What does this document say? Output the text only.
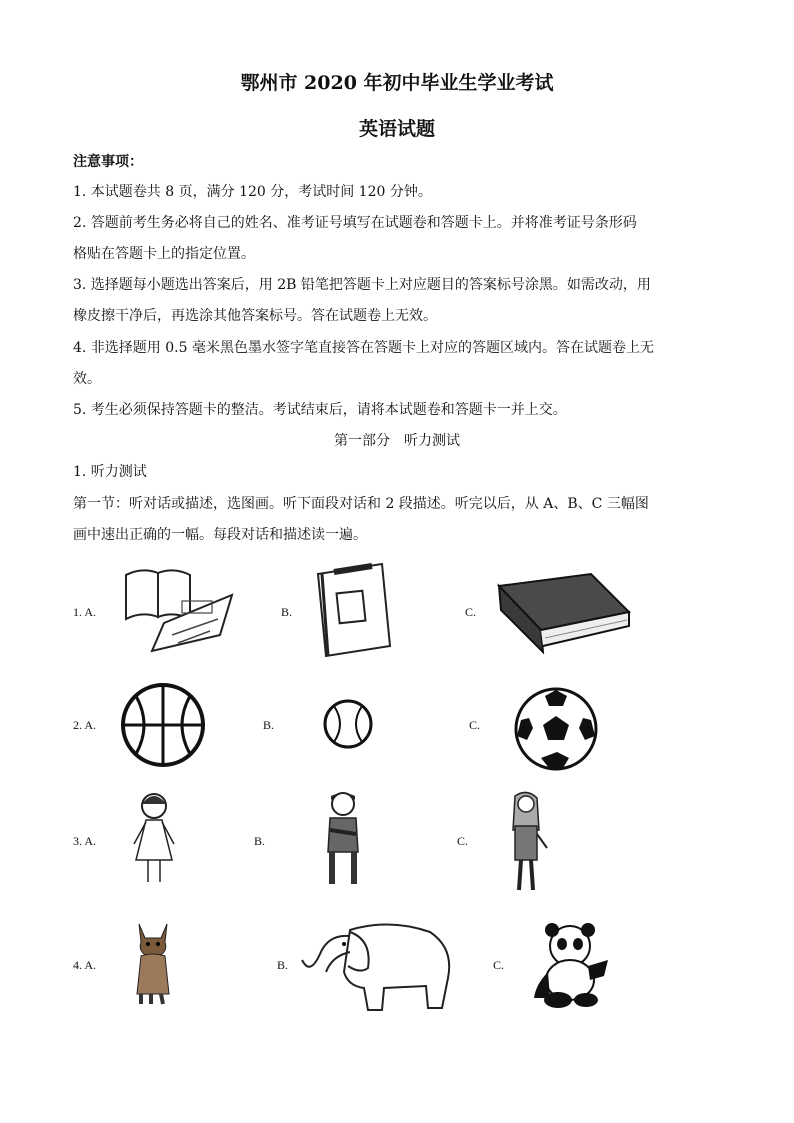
鄂州市 2020 年初中毕业生学业考试
英语试题
注意事项：
1. 本试题卷共 8 页，满分 120 分，考试时间 120 分钟。
2. 答题前考生务必将自己的姓名、准考证号填写在试题卷和答题卡上。并将准考证号条形码
格贴在答题卡上的指定位置。
3. 选择题每小题选出答案后，用 2B 铅笔把答题卡上对应题目的答案标号涂黑。如需改动，用
橡皮擦干净后，再选涂其他答案标号。答在试题卷上无效。
4. 非选择题用 0.5 毫米黑色墨水签字笔直接答在答题卡上对应的答题区域内。答在试题卷上无
效。
5. 考生必须保持答题卡的整洁。考试结束后，请将本试题卷和答题卡一并上交。
第一部分　听力测试
1. 听力测试
第一节：听对话或描述，选图画。听下面段对话和 2 段描述。听完以后，从 A、B、C 三幅图
画中速出正确的一幅。每段对话和描述读一遍。
1. A.	B.	C.
2. A.	B.	C.
3. A.	B.	C.
4. A.	B.	C.
